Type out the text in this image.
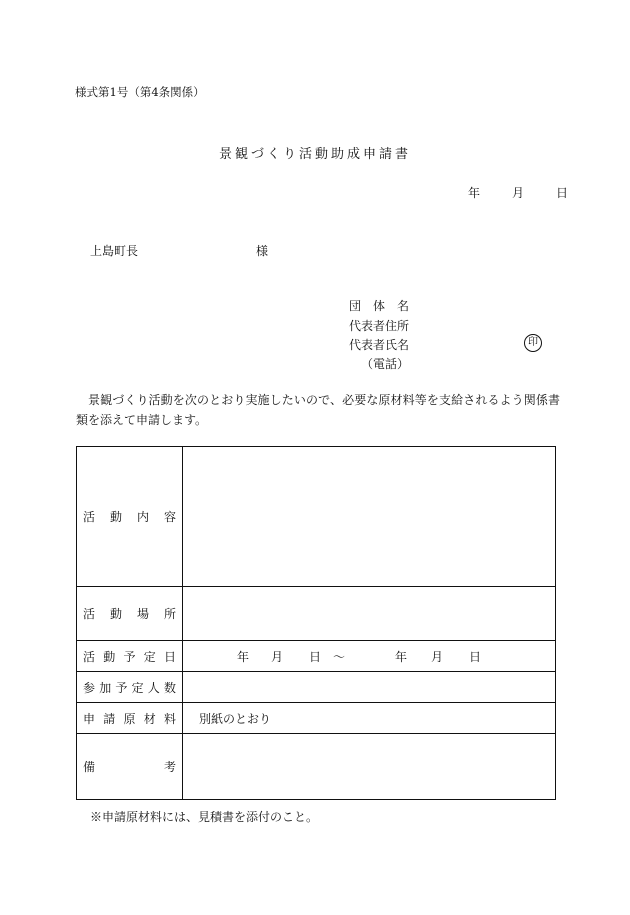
様式第1号（第4条関係）
景観づくり活動助成申請書
年	月	日
上島町長	様
団 体 名
代表者住所
代表者氏名	印
（電話）
景観づくり活動を次のとおり実施したいので、必要な原材料等を支給されるよう関係書類を添えて申請します。
活動内容	
活動場所	
活動予定日	年 月 日 ～ 年 月 日
参加予定人数	
申請原材料	別紙のとおり
備考	
※申請原材料には、見積書を添付のこと。
